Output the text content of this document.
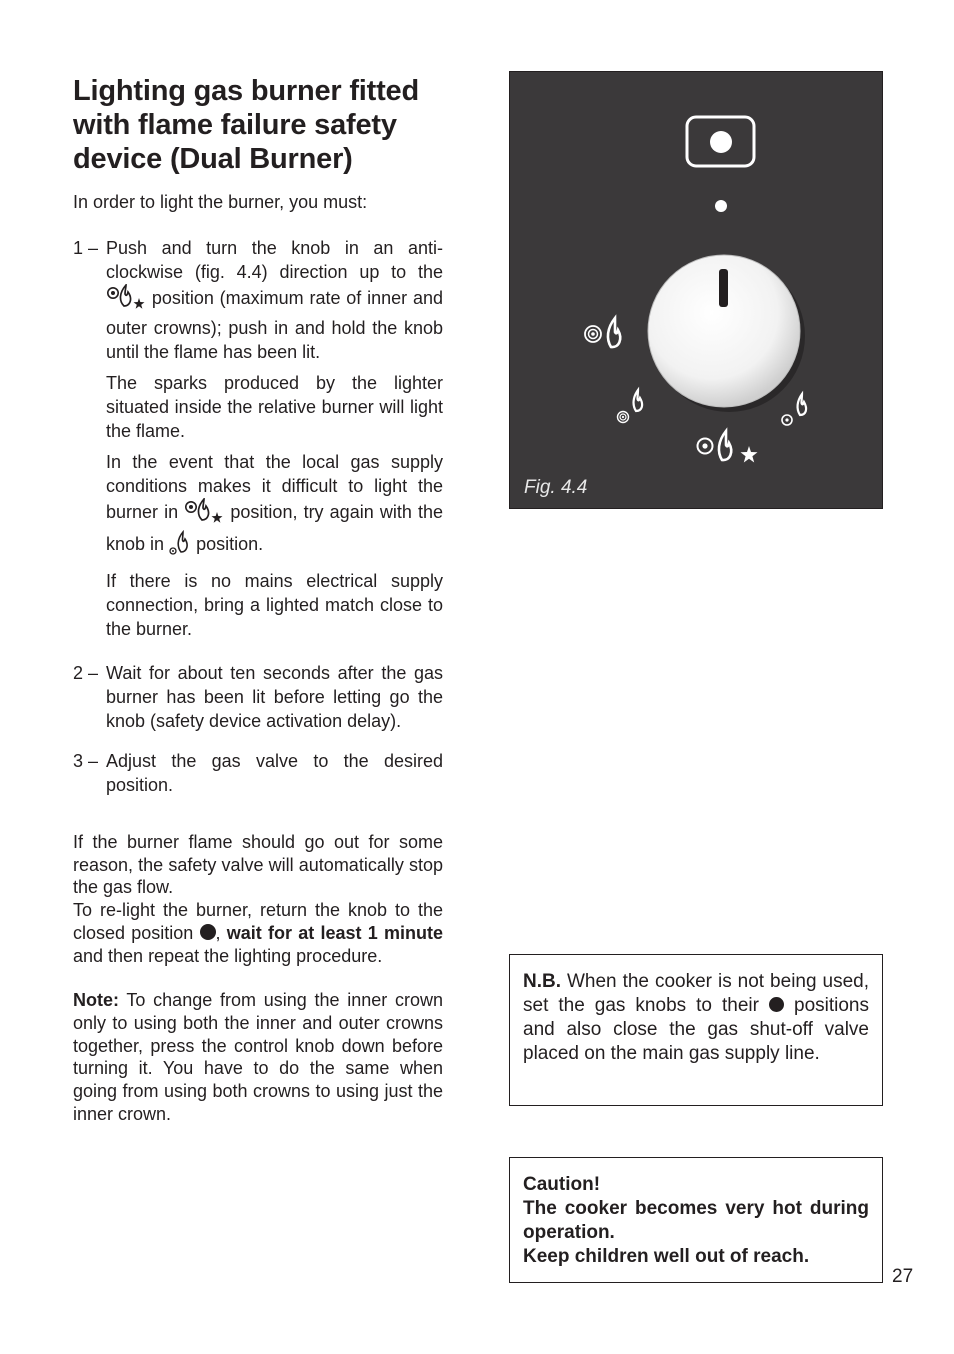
Lighting gas burner fitted with flame failure safety device (Dual Burner)
In order to light the burner, you must:
1 – Push and turn the knob in an anti-clockwise (fig. 4.4) direction up to the  position (maximum rate of inner and outer crowns); push in and hold the knob until the flame has been lit.

The sparks produced by the lighter situated inside the relative burner will light the flame.

In the event that the local gas supply conditions makes it difficult to light the burner in	position, try again with the knob in position.

If there is no mains electrical supply connection, bring a lighted match close to the burner.

2 – Wait for about ten seconds after the gas burner has been lit before letting go the knob (safety device activation delay).

3 – Adjust the gas valve to the desired position.

If the burner flame should go out for some reason, the safety valve will automatically stop the gas flow.
To re-light the burner, return the knob to the closed position , wait for at least 1 minute and then repeat the lighting procedure.
Note: To change from using the inner crown only to using both the inner and outer crowns together, press the control knob down before turning it. You have to do the same when going from using both crowns to using just the inner crown.
Fig. 4.4
N.B. When the cooker is not being used, set the gas knobs to their positions and also close the gas shut-off valve placed on the main gas supply line.
Caution!
The cooker becomes very hot during operation.
Keep children well out of reach.
27
